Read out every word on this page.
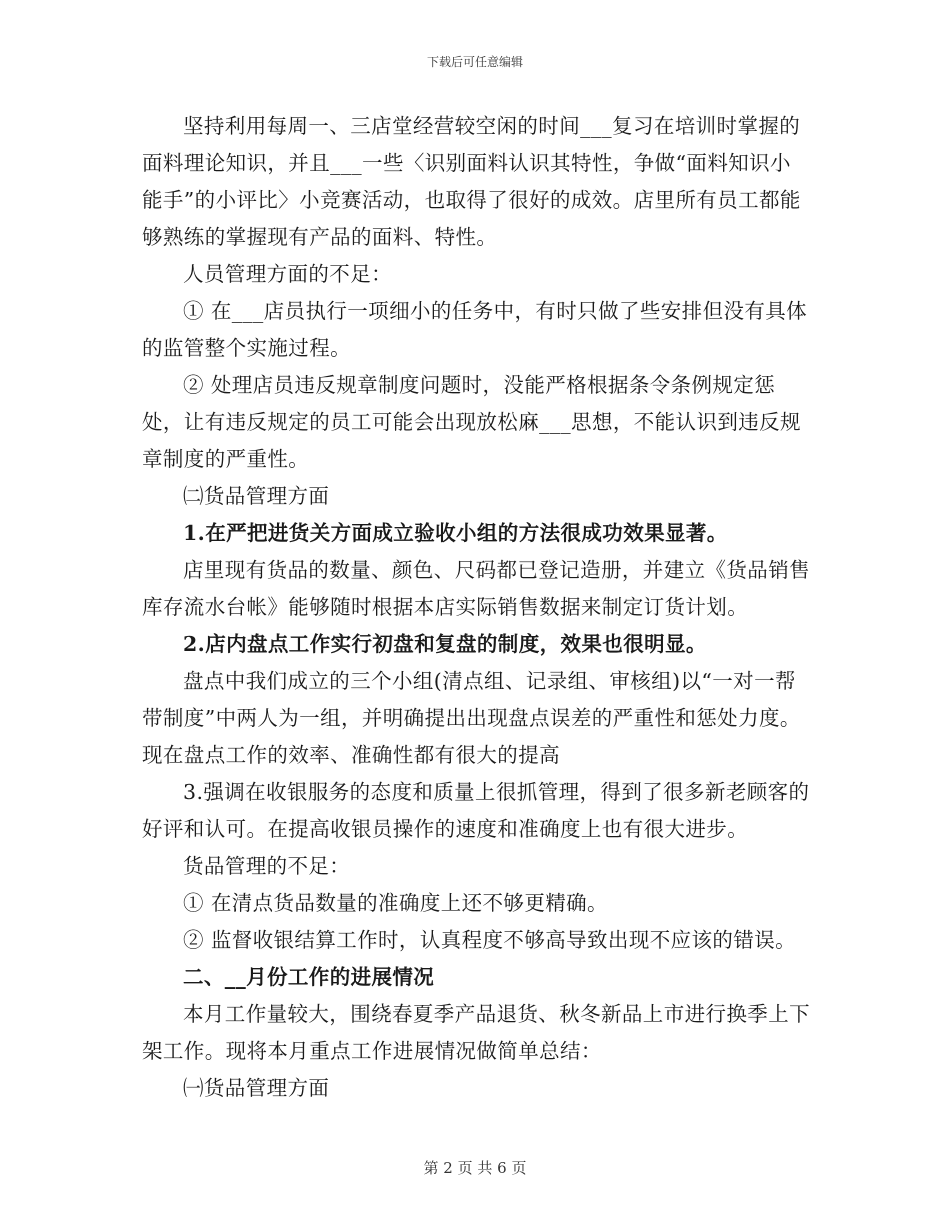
下载后可任意编辑

坚持利用每周一、三店堂经营较空闲的时间___复习在培训时掌握的面料理论知识，并且___一些〈识别面料认识其特性，争做“面料知识小能手”的小评比〉小竞赛活动，也取得了很好的成效。店里所有员工都能够熟练的掌握现有产品的面料、特性。

人员管理方面的不足：

① 在___店员执行一项细小的任务中，有时只做了些安排但没有具体的监管整个实施过程。

② 处理店员违反规章制度问题时，没能严格根据条令条例规定惩处，让有违反规定的员工可能会出现放松麻___思想，不能认识到违反规章制度的严重性。

㈡货品管理方面

1.在严把进货关方面成立验收小组的方法很成功效果显著。

店里现有货品的数量、颜色、尺码都已登记造册，并建立《货品销售库存流水台帐》能够随时根据本店实际销售数据来制定订货计划。

2.店内盘点工作实行初盘和复盘的制度，效果也很明显。

盘点中我们成立的三个小组(清点组、记录组、审核组)以“一对一帮带制度”中两人为一组，并明确提出出现盘点误差的严重性和惩处力度。现在盘点工作的效率、准确性都有很大的提高

3.强调在收银服务的态度和质量上很抓管理，得到了很多新老顾客的好评和认可。在提高收银员操作的速度和准确度上也有很大进步。

货品管理的不足：

① 在清点货品数量的准确度上还不够更精确。

② 监督收银结算工作时，认真程度不够高导致出现不应该的错误。

二、__月份工作的进展情况

本月工作量较大，围绕春夏季产品退货、秋冬新品上市进行换季上下架工作。现将本月重点工作进展情况做简单总结：

㈠货品管理方面

第 2 页 共 6 页
